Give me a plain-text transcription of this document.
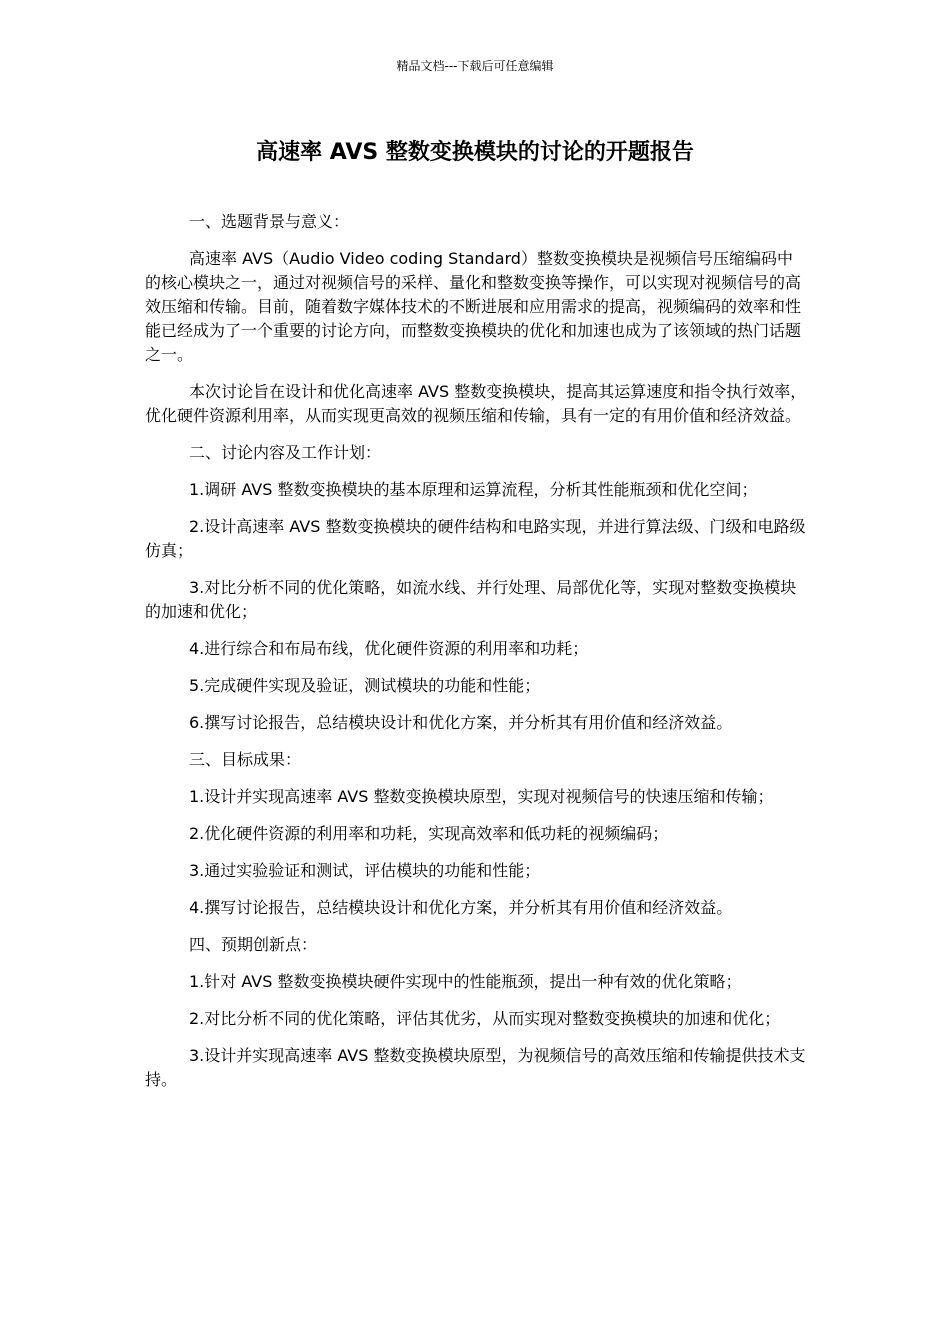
精品文档---下载后可任意编辑
高速率 AVS 整数变换模块的讨论的开题报告

一、选题背景与意义：

高速率 AVS（Audio Video coding Standard）整数变换模块是视频信号压缩编码中的核心模块之一，通过对视频信号的采样、量化和整数变换等操作，可以实现对视频信号的高效压缩和传输。目前，随着数字媒体技术的不断进展和应用需求的提高，视频编码的效率和性能已经成为了一个重要的讨论方向，而整数变换模块的优化和加速也成为了该领域的热门话题之一。

本次讨论旨在设计和优化高速率 AVS 整数变换模块，提高其运算速度和指令执行效率，优化硬件资源利用率，从而实现更高效的视频压缩和传输，具有一定的有用价值和经济效益。

二、讨论内容及工作计划：

1.调研 AVS 整数变换模块的基本原理和运算流程，分析其性能瓶颈和优化空间；

2.设计高速率 AVS 整数变换模块的硬件结构和电路实现，并进行算法级、门级和电路级仿真；

3.对比分析不同的优化策略，如流水线、并行处理、局部优化等，实现对整数变换模块的加速和优化；

4.进行综合和布局布线，优化硬件资源的利用率和功耗；

5.完成硬件实现及验证，测试模块的功能和性能；

6.撰写讨论报告，总结模块设计和优化方案，并分析其有用价值和经济效益。

三、目标成果：

1.设计并实现高速率 AVS 整数变换模块原型，实现对视频信号的快速压缩和传输；

2.优化硬件资源的利用率和功耗，实现高效率和低功耗的视频编码；

3.通过实验验证和测试，评估模块的功能和性能；

4.撰写讨论报告，总结模块设计和优化方案，并分析其有用价值和经济效益。

四、预期创新点：

1.针对 AVS 整数变换模块硬件实现中的性能瓶颈，提出一种有效的优化策略；

2.对比分析不同的优化策略，评估其优劣，从而实现对整数变换模块的加速和优化；

3.设计并实现高速率 AVS 整数变换模块原型，为视频信号的高效压缩和传输提供技术支持。
